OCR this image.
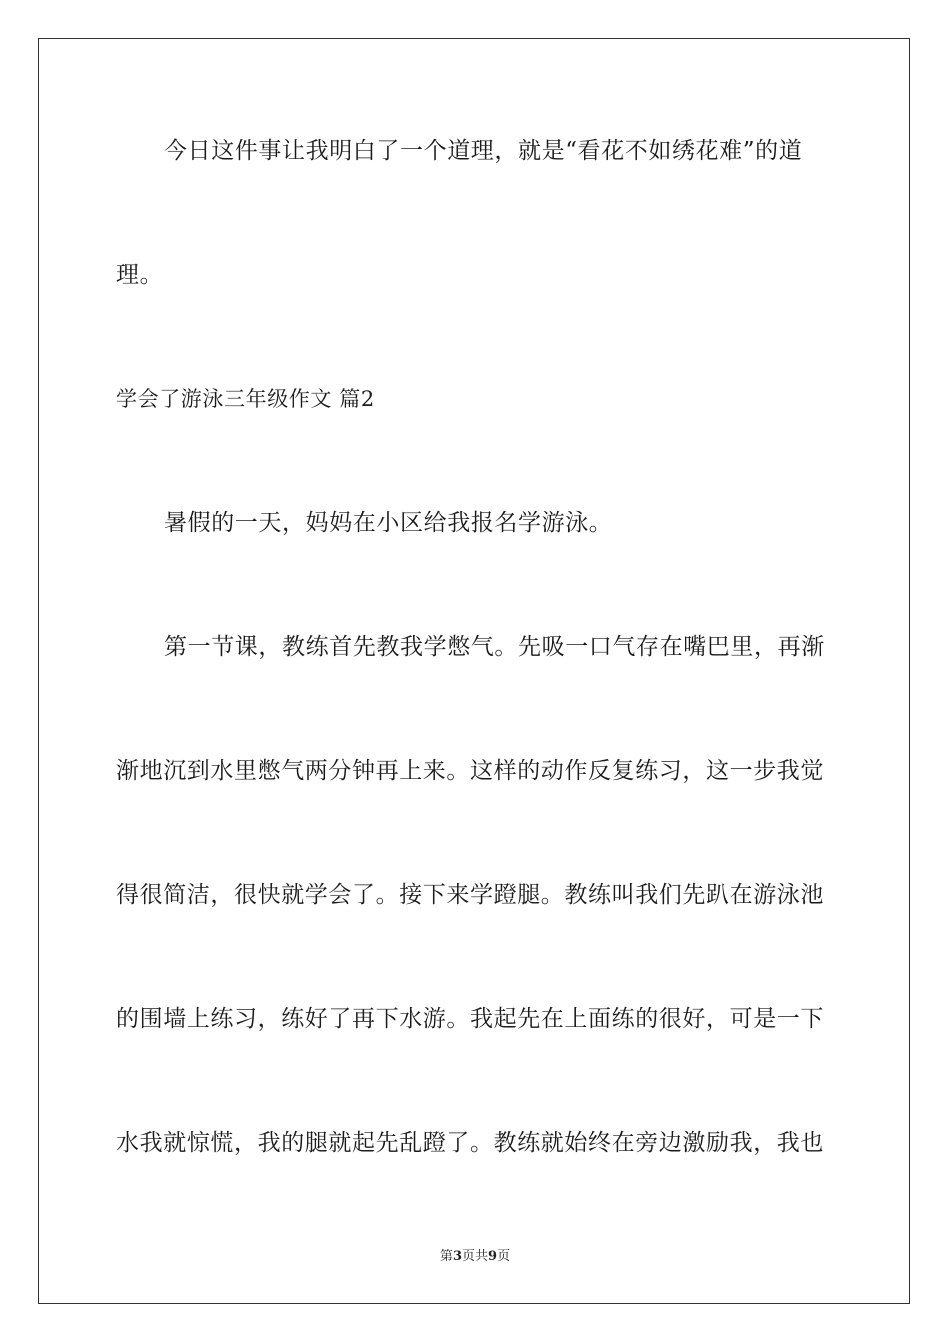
今日这件事让我明白了一个道理，就是“看花不如绣花难”的道
理。
学会了游泳三年级作文 篇2
暑假的一天，妈妈在小区给我报名学游泳。
第一节课，教练首先教我学憋气。先吸一口气存在嘴巴里，再渐
渐地沉到水里憋气两分钟再上来。这样的动作反复练习，这一步我觉
得很简洁，很快就学会了。接下来学蹬腿。教练叫我们先趴在游泳池
的围墙上练习，练好了再下水游。我起先在上面练的很好，可是一下
水我就惊慌，我的腿就起先乱蹬了。教练就始终在旁边激励我，我也
第3页共9页
